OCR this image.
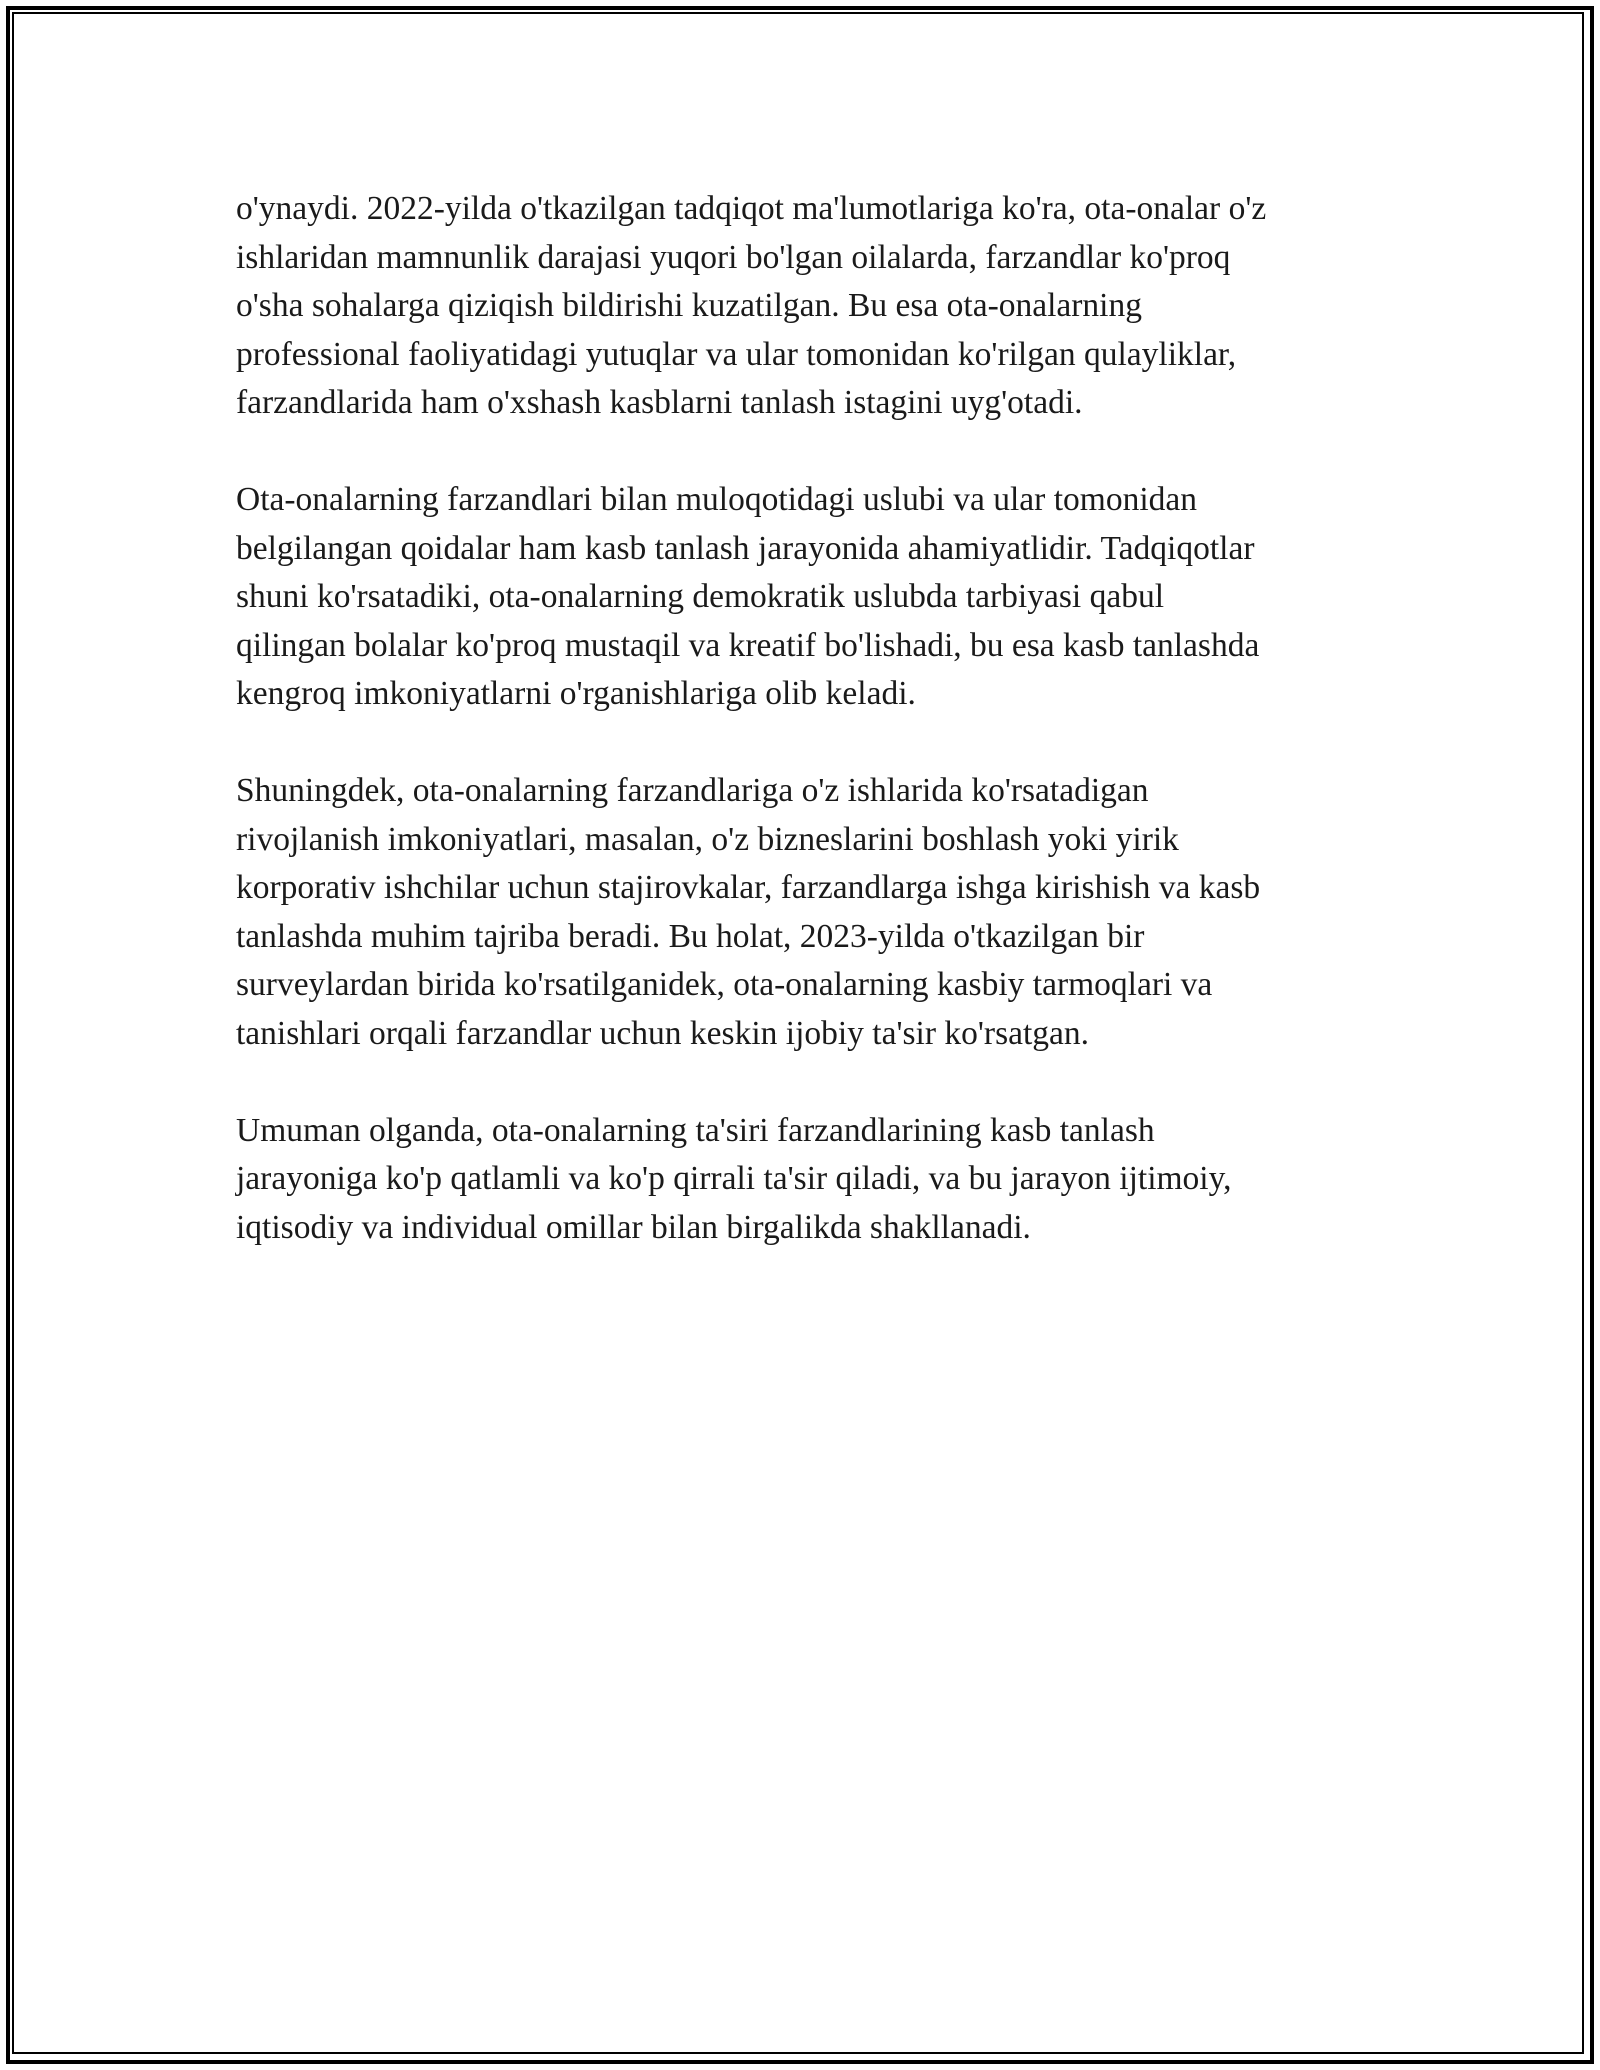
o'ynaydi. 2022-yilda o'tkazilgan tadqiqot ma'lumotlariga ko'ra, ota-onalar o'z
ishlaridan mamnunlik darajasi yuqori bo'lgan oilalarda, farzandlar ko'proq
o'sha sohalarga qiziqish bildirishi kuzatilgan. Bu esa ota-onalarning
professional faoliyatidagi yutuqlar va ular tomonidan ko'rilgan qulayliklar,
farzandlarida ham o'xshash kasblarni tanlash istagini uyg'otadi.

Ota-onalarning farzandlari bilan muloqotidagi uslubi va ular tomonidan
belgilangan qoidalar ham kasb tanlash jarayonida ahamiyatlidir. Tadqiqotlar
shuni ko'rsatadiki, ota-onalarning demokratik uslubda tarbiyasi qabul
qilingan bolalar ko'proq mustaqil va kreatif bo'lishadi, bu esa kasb tanlashda
kengroq imkoniyatlarni o'rganishlariga olib keladi.

Shuningdek, ota-onalarning farzandlariga o'z ishlarida ko'rsatadigan
rivojlanish imkoniyatlari, masalan, o'z bizneslarini boshlash yoki yirik
korporativ ishchilar uchun stajirovkalar, farzandlarga ishga kirishish va kasb
tanlashda muhim tajriba beradi. Bu holat, 2023-yilda o'tkazilgan bir
surveylardan birida ko'rsatilganidek, ota-onalarning kasbiy tarmoqlari va
tanishlari orqali farzandlar uchun keskin ijobiy ta'sir ko'rsatgan.

Umuman olganda, ota-onalarning ta'siri farzandlarining kasb tanlash
jarayoniga ko'p qatlamli va ko'p qirrali ta'sir qiladi, va bu jarayon ijtimoiy,
iqtisodiy va individual omillar bilan birgalikda shakllanadi.
